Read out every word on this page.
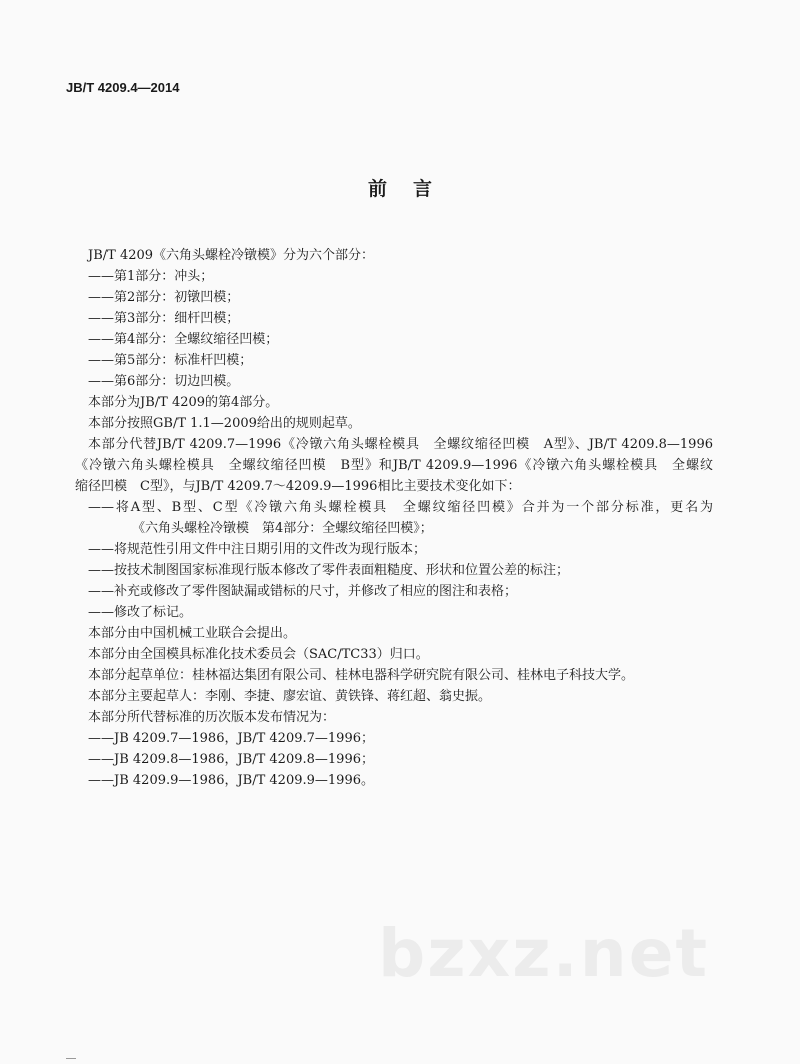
JB/T 4209.4—2014
前言
JB/T 4209《六角头螺栓冷镦模》分为六个部分：
——第1部分：冲头；
——第2部分：初镦凹模；
——第3部分：细杆凹模；
——第4部分：全螺纹缩径凹模；
——第5部分：标准杆凹模；
——第6部分：切边凹模。
本部分为JB/T 4209的第4部分。
本部分按照GB/T 1.1—2009给出的规则起草。
本部分代替JB/T 4209.7—1996《冷镦六角头螺栓模具　全螺纹缩径凹模　A型》、JB/T 4209.8—1996
《冷镦六角头螺栓模具　全螺纹缩径凹模　B型》和JB/T 4209.9—1996《冷镦六角头螺栓模具　全螺纹
缩径凹模　C型》，与JB/T 4209.7～4209.9—1996相比主要技术变化如下：
——将A型、B型、C型《冷镦六角头螺栓模具　全螺纹缩径凹模》合并为一个部分标准，更名为
《六角头螺栓冷镦模　第4部分：全螺纹缩径凹模》；
——将规范性引用文件中注日期引用的文件改为现行版本；
——按技术制图国家标准现行版本修改了零件表面粗糙度、形状和位置公差的标注；
——补充或修改了零件图缺漏或错标的尺寸，并修改了相应的图注和表格；
——修改了标记。
本部分由中国机械工业联合会提出。
本部分由全国模具标准化技术委员会（SAC/TC33）归口。
本部分起草单位：桂林福达集团有限公司、桂林电器科学研究院有限公司、桂林电子科技大学。
本部分主要起草人：李刚、李捷、廖宏谊、黄铁锋、蒋红超、翁史振。
本部分所代替标准的历次版本发布情况为：
——JB 4209.7—1986，JB/T 4209.7—1996；
——JB 4209.8—1986，JB/T 4209.8—1996；
——JB 4209.9—1986，JB/T 4209.9—1996。
bzxz.net
